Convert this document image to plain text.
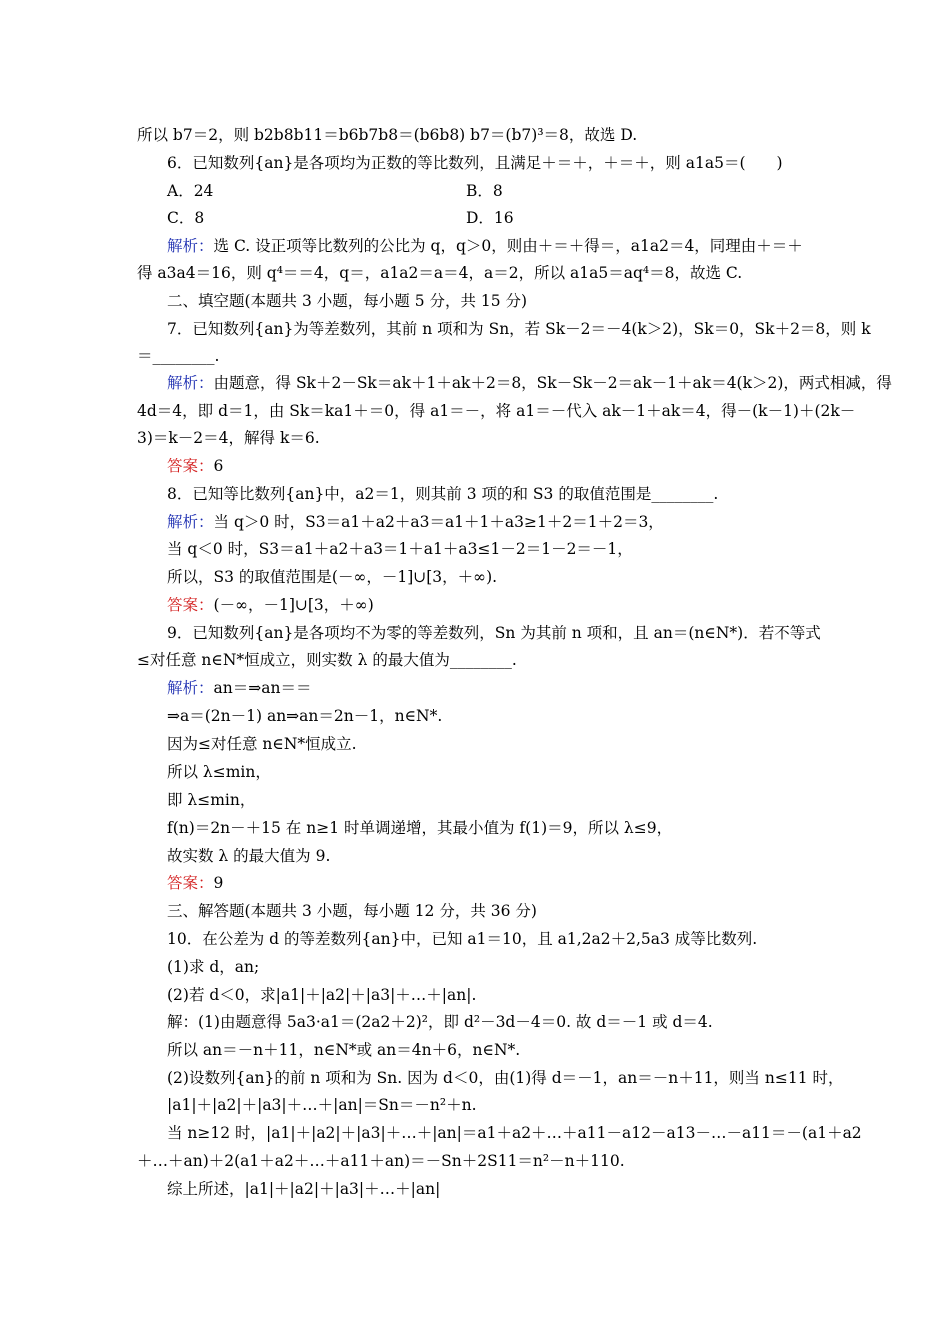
所以 b7＝2，则 b2b8b11＝b6b7b8＝(b6b8) b7＝(b7)³＝8，故选 D.
6．已知数列{an}是各项均为正数的等比数列，且满足＋＝＋，＋＝＋，则 a1a5＝(　　)
A．24	B．8
C．8	D．16
解析：选 C. 设正项等比数列的公比为 q，q＞0，则由＋＝＋得＝，a1a2＝4，同理由＋＝＋
得 a3a4＝16，则 q⁴＝＝4，q＝，a1a2＝a＝4，a＝2，所以 a1a5＝aq⁴＝8，故选 C.
二、填空题(本题共 3 小题，每小题 5 分，共 15 分)
7．已知数列{an}为等差数列，其前 n 项和为 Sn，若 Sk－2＝－4(k＞2)，Sk＝0，Sk＋2＝8，则 k
＝________.
解析：由题意，得 Sk＋2－Sk＝ak＋1＋ak＋2＝8，Sk－Sk－2＝ak－1＋ak＝4(k＞2)，两式相减，得
4d＝4，即 d＝1，由 Sk＝ka1＋＝0，得 a1＝－，将 a1＝－代入 ak－1＋ak＝4，得－(k－1)＋(2k－
3)＝k－2＝4，解得 k＝6.
答案：6
8．已知等比数列{an}中，a2＝1，则其前 3 项的和 S3 的取值范围是________.
解析：当 q＞0 时，S3＝a1＋a2＋a3＝a1＋1＋a3≥1＋2＝1＋2＝3，
当 q＜0 时，S3＝a1＋a2＋a3＝1＋a1＋a3≤1－2＝1－2＝－1，
所以，S3 的取值范围是(－∞，－1]∪[3，＋∞).
答案：(－∞，－1]∪[3，＋∞)
9．已知数列{an}是各项均不为零的等差数列，Sn 为其前 n 项和，且 an＝(n∈N*)．若不等式
≤对任意 n∈N*恒成立，则实数 λ 的最大值为________.
解析：an＝⇒an＝＝
⇒a＝(2n－1) an⇒an＝2n－1，n∈N*.
因为≤对任意 n∈N*恒成立.
所以 λ≤min，
即 λ≤min，
f(n)＝2n－＋15 在 n≥1 时单调递增，其最小值为 f(1)＝9，所以 λ≤9，
故实数 λ 的最大值为 9.
答案：9
三、解答题(本题共 3 小题，每小题 12 分，共 36 分)
10．在公差为 d 的等差数列{an}中，已知 a1＝10，且 a1,2a2＋2,5a3 成等比数列.
(1)求 d，an;
(2)若 d＜0，求|a1|＋|a2|＋|a3|＋…＋|an|.
解：(1)由题意得 5a3·a1＝(2a2＋2)²，即 d²－3d－4＝0. 故 d＝－1 或 d＝4.
所以 an＝－n＋11，n∈N*或 an＝4n＋6，n∈N*.
(2)设数列{an}的前 n 项和为 Sn. 因为 d＜0，由(1)得 d＝－1，an＝－n＋11，则当 n≤11 时，
|a1|＋|a2|＋|a3|＋…＋|an|＝Sn＝－n²＋n.
当 n≥12 时，|a1|＋|a2|＋|a3|＋…＋|an|＝a1＋a2＋…＋a11－a12－a13－…－a11＝－(a1＋a2
＋…＋an)＋2(a1＋a2＋…＋a11＋an)＝－Sn＋2S11＝n²－n＋110.
综上所述，|a1|＋|a2|＋|a3|＋…＋|an|
